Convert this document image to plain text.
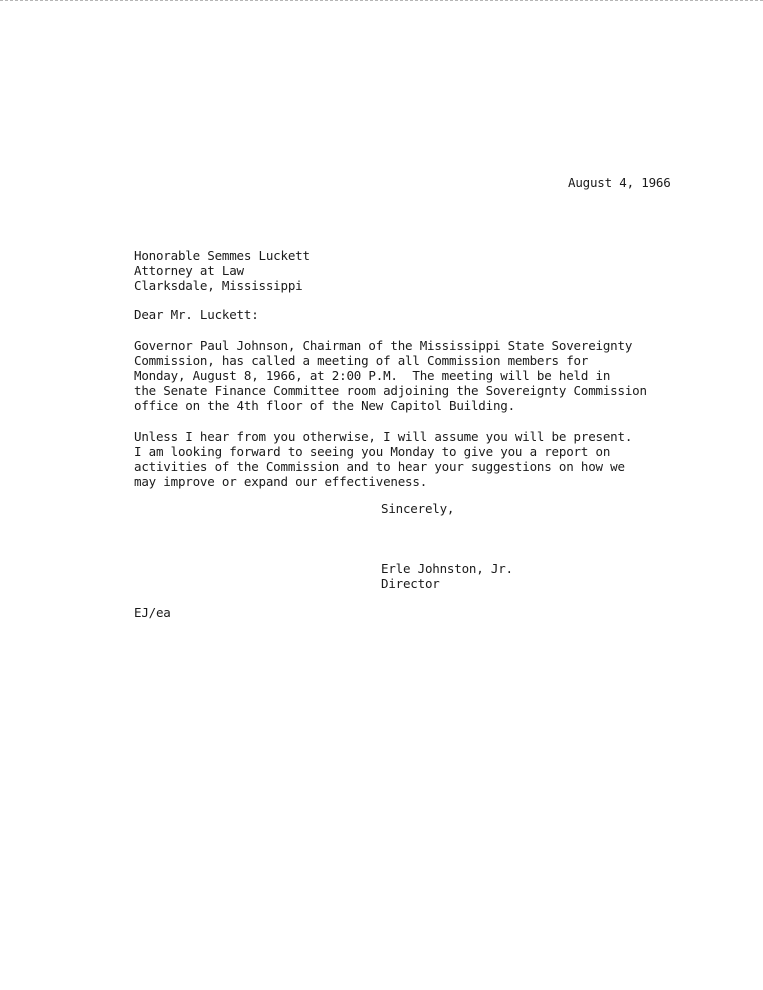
August 4, 1966
Honorable Semmes Luckett
Attorney at Law
Clarksdale, Mississippi
Dear Mr. Luckett:
Governor Paul Johnson, Chairman of the Mississippi State Sovereignty
Commission, has called a meeting of all Commission members for
Monday, August 8, 1966, at 2:00 P.M.  The meeting will be held in
the Senate Finance Committee room adjoining the Sovereignty Commission
office on the 4th floor of the New Capitol Building.
Unless I hear from you otherwise, I will assume you will be present.
I am looking forward to seeing you Monday to give you a report on
activities of the Commission and to hear your suggestions on how we
may improve or expand our effectiveness.
Sincerely,
Erle Johnston, Jr.
Director
EJ/ea
